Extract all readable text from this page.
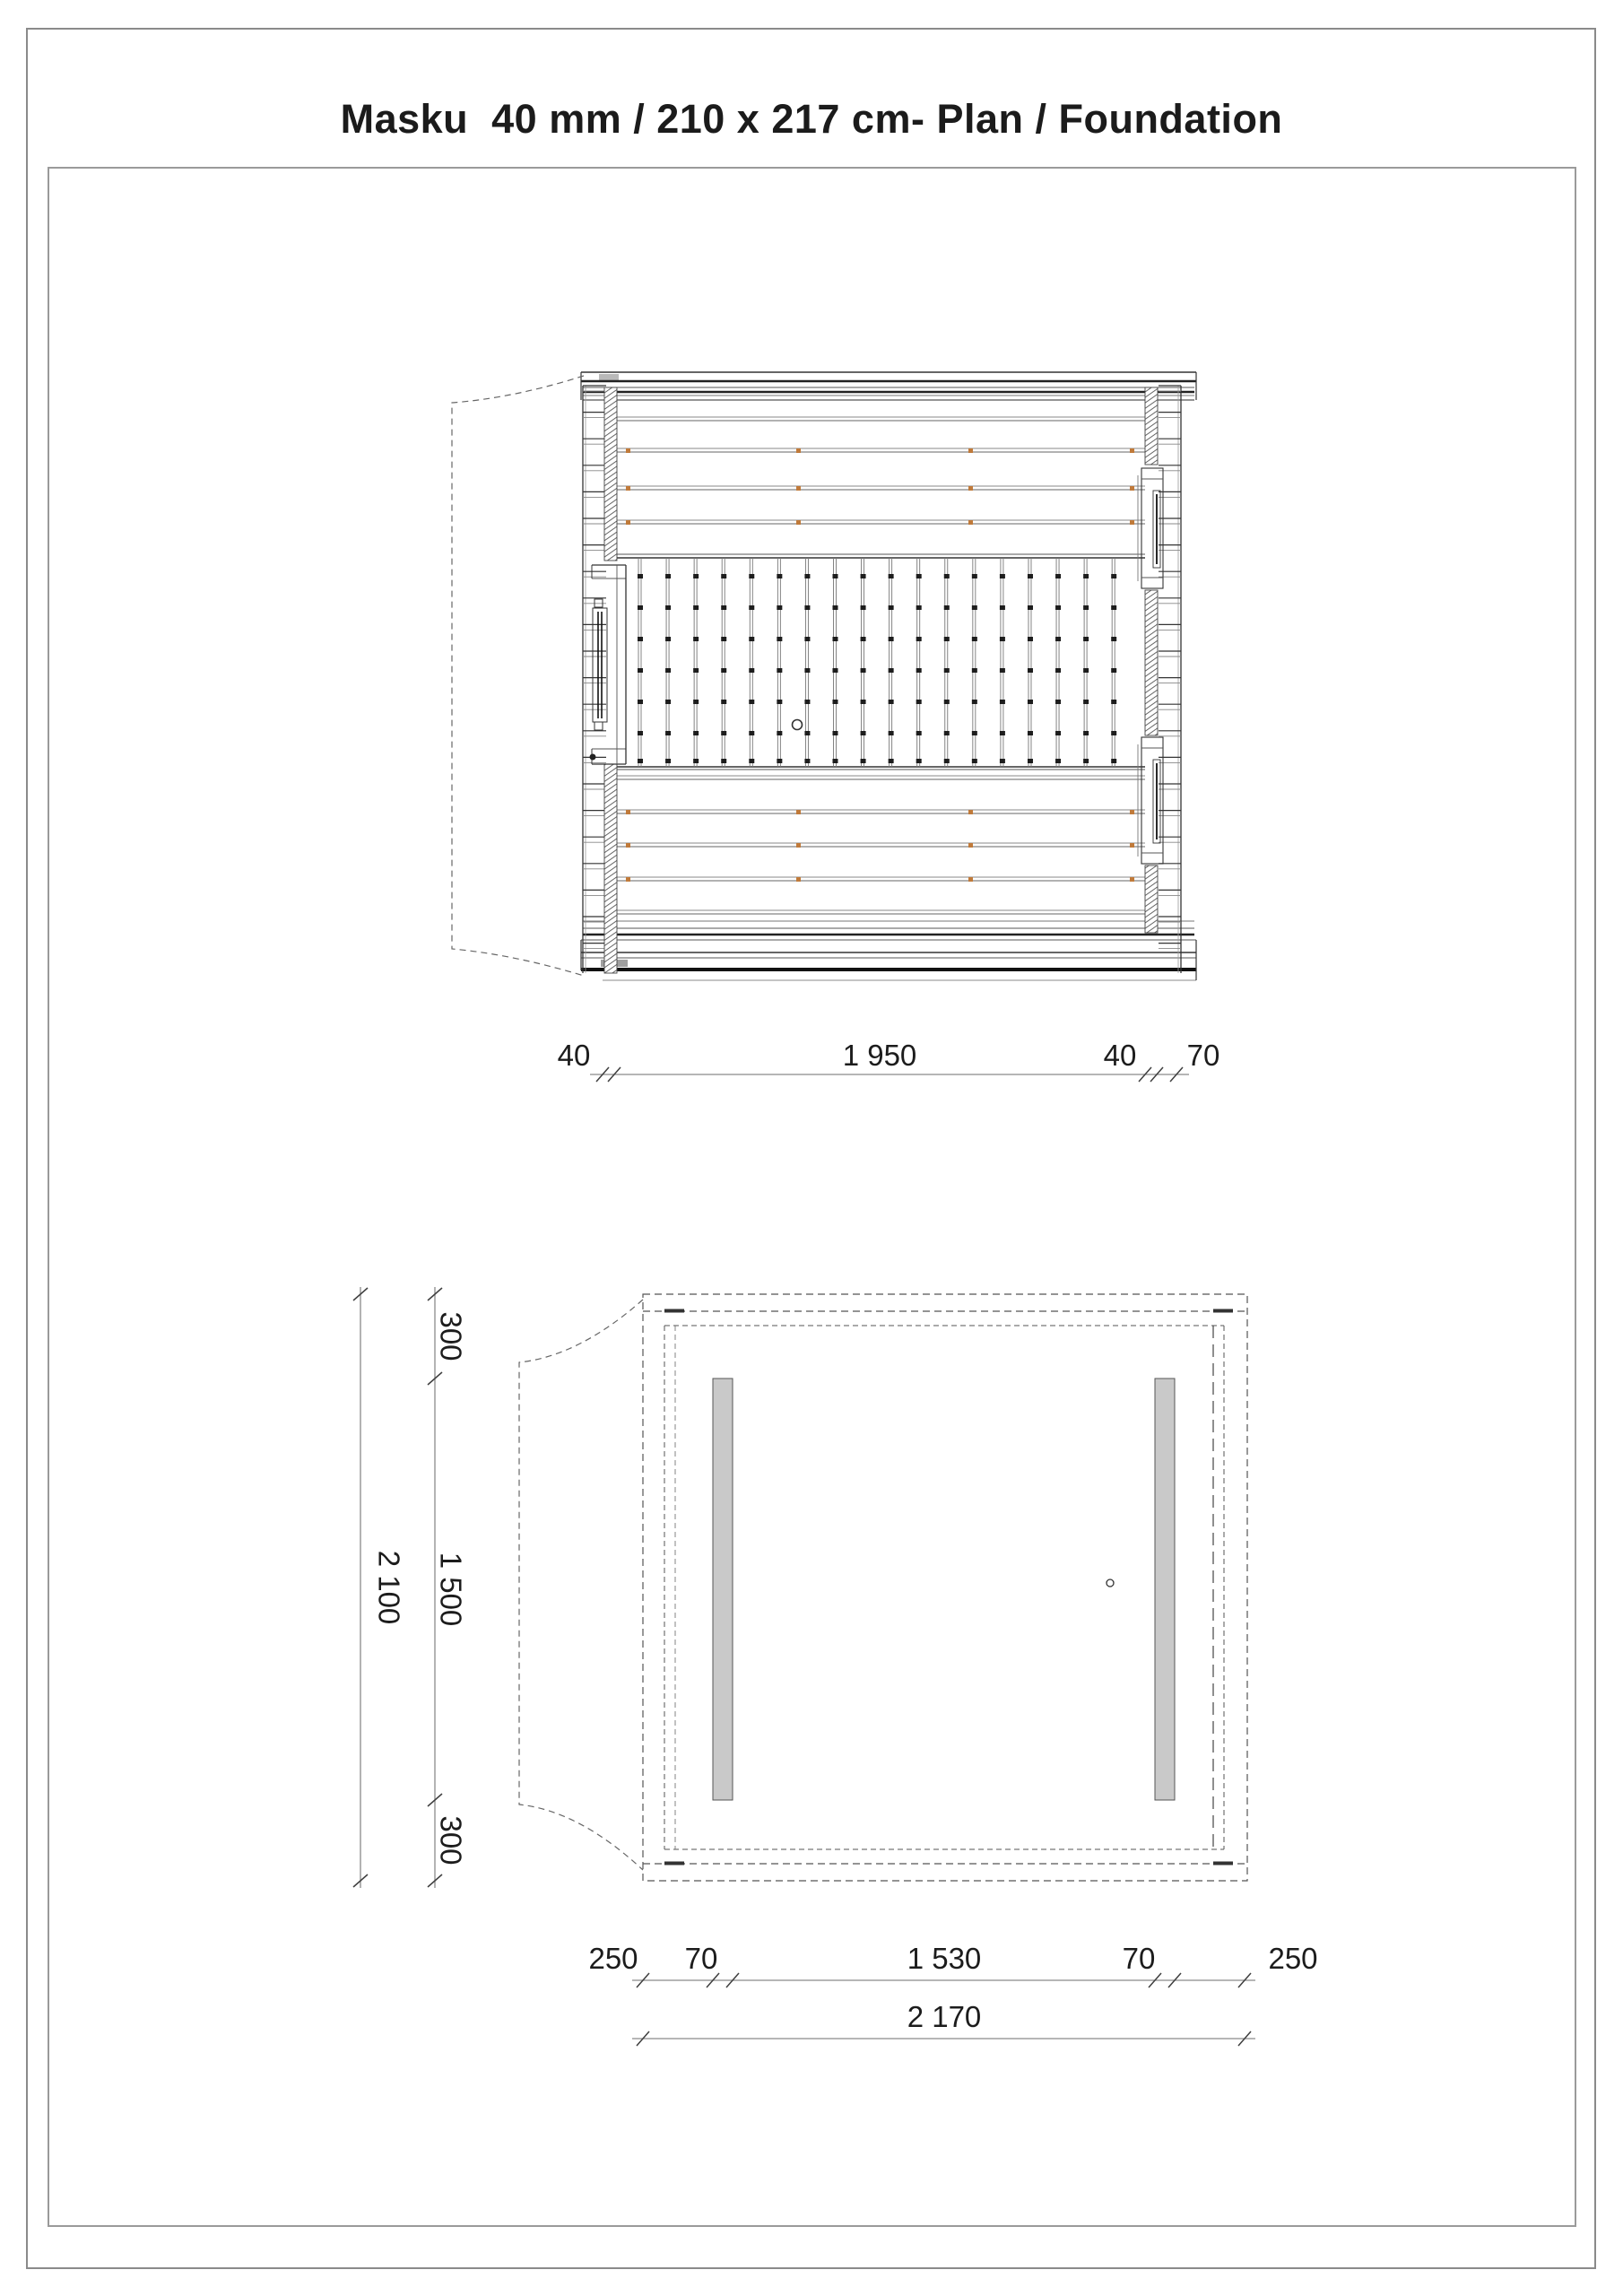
Masku  40 mm / 210 x 217 cm- Plan / Foundation
40	1 950	40 70
250 70	1 530	70	250
2 170
300
1 500
300
2 100
